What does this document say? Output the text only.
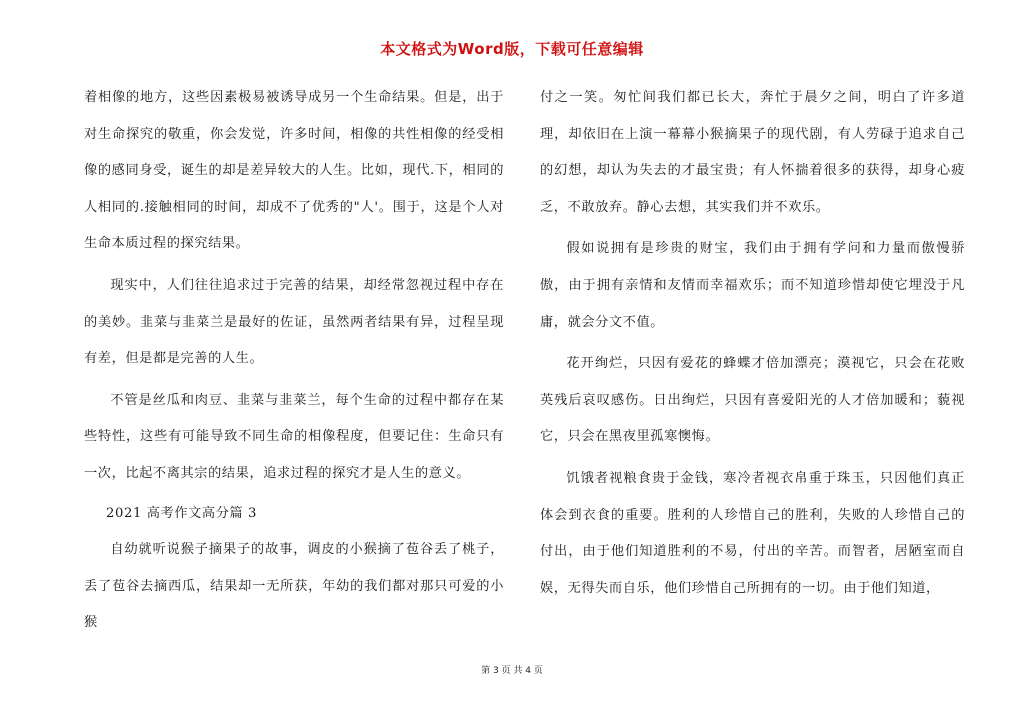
本文格式为Word版，下载可任意编辑

着相像的地方，这些因素极易被诱导成另一个生命结果。但是，出于对生命探究的敬重，你会发觉，许多时间，相像的共性相像的经受相像的感同身受，诞生的却是差异较大的人生。比如，现代.下，相同的人相同的.接触相同的时间，却成不了优秀的"人'。围于，这是个人对生命本质过程的探究结果。

现实中，人们往往追求过于完善的结果，却经常忽视过程中存在的美妙。韭菜与韭菜兰是最好的佐证，虽然两者结果有异，过程呈现有差，但是都是完善的人生。

不管是丝瓜和肉豆、韭菜与韭菜兰，每个生命的过程中都存在某些特性，这些有可能导致不同生命的相像程度，但要记住：生命只有一次，比起不离其宗的结果，追求过程的探究才是人生的意义。

2021 高考作文高分篇 3

自幼就听说猴子摘果子的故事，调皮的小猴摘了苞谷丢了桃子，丢了苞谷去摘西瓜，结果却一无所获，年幼的我们都对那只可爱的小猴

付之一笑。匆忙间我们都已长大，奔忙于晨夕之间，明白了许多道理，却依旧在上演一幕幕小猴摘果子的现代剧，有人劳碌于追求自己的幻想，却认为失去的才最宝贵；有人怀揣着很多的获得，却身心疲乏，不敢放弃。静心去想，其实我们并不欢乐。

假如说拥有是珍贵的财宝，我们由于拥有学问和力量而傲慢骄傲，由于拥有亲情和友情而幸福欢乐；而不知道珍惜却使它埋没于凡庸，就会分文不值。

花开绚烂，只因有爱花的蜂蝶才倍加漂亮；漠视它，只会在花败英残后哀叹感伤。日出绚烂，只因有喜爱阳光的人才倍加暖和；藐视它，只会在黑夜里孤寒懊悔。

饥饿者视粮食贵于金钱，寒冷者视衣帛重于珠玉，只因他们真正体会到衣食的重要。胜利的人珍惜自己的胜利，失败的人珍惜自己的付出，由于他们知道胜利的不易，付出的辛苦。而智者，居陋室而自娱，无得失而自乐，他们珍惜自己所拥有的一切。由于他们知道，

第 3 页 共 4 页
